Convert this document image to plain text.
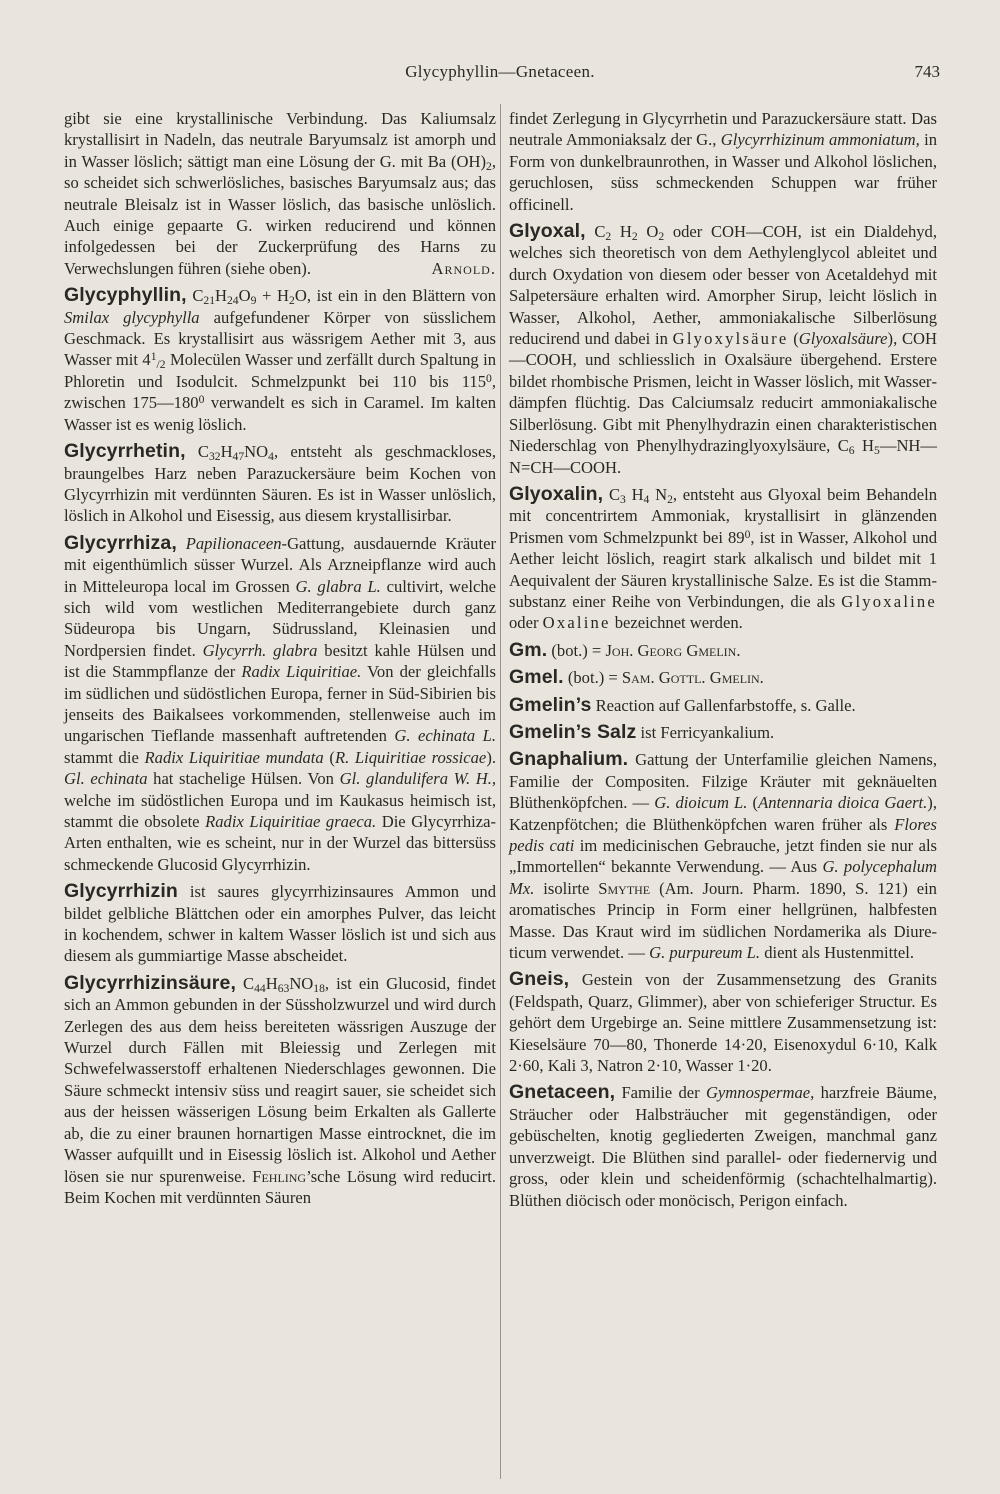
Glycyphyllin—Gnetaceen.	743

gibt sie eine krystallinische Verbindung. Das Kaliumsalz krystallisirt in Nadeln, das neutrale Baryumsalz ist amorph und in Wasser löslich; sättigt man eine Lösung der G. mit Ba $(OH)_2$, so scheidet sich schwerlösliches, basisches Baryumsalz aus; das neutrale Bleisalz ist in Wasser löslich, das basische unlöslich. Auch einige gepaarte G. wirken reducirend und können infolgedessen bei der Zuckerprüfung des Harns zu Verwechslungen führen (siehe oben).	Arnold.

Glycyphyllin, $C_{21}H_{24}O_9 + H_2O$, ist ein in den Blättern von Smilax glycyphylla aufgefundener Körper von süsslichem Geschmack. Es krystallisirt aus wässrigem Aether mit 3, aus Wasser mit $4^1_{/2}$ Molecülen Wasser und zerfällt durch Spaltung in Phloretin und Isodulcit. Schmelzpunkt bei 110 bis $115^0$, zwischen $175—180^0$ verwandelt es sich in Caramel. Im kalten Wasser ist es wenig löslich.

Glycyrrhetin, $C_{32}H_{47}NO_4$, entsteht als geschmackloses, braungelbes Harz neben Parazuckersäure beim Kochen von Glycyrrhizin mit verdünnten Säuren. Es ist in Wasser unlöslich, löslich in Alkohol und Eisessig, aus diesem krystallisirbar.

Glycyrrhiza, Papilionaceen-Gattung, ausdauernde Kräuter mit eigenthümlich süsser Wurzel. Als Arzneipflanze wird auch in Mitteleuropa local im Grossen G. glabra L. cultivirt, welche sich wild vom westlichen Mediterrangebiete durch ganz Südeuropa bis Ungarn, Südrussland, Kleinasien und Nordpersien findet. Glycyrrh. glabra besitzt kahle Hülsen und ist die Stammpflanze der Radix Liquiritiae. Von der gleichfalls im südlichen und südöstlichen Europa, ferner in Süd-Sibirien bis jenseits des Baikalsees vorkommenden, stellenweise auch im ungarischen Tieflande massenhaft auftretenden G. echinata L. stammt die Radix Liquiritiae mundata (R. Liquiritiae rossicae). Gl. echinata hat stachelige Hülsen. Von Gl. glandulifera W. H., welche im südöstlichen Europa und im Kaukasus heimisch ist, stammt die obsolete Radix Liquiritiae graeca. Die Glycyrrhiza-Arten enthalten, wie es scheint, nur in der Wurzel das bittersüss schmeckende Glucosid Glycyrrhizin.

Glycyrrhizin ist saures glycyrrhizinsaures Ammon und bildet gelbliche Blättchen oder ein amorphes Pulver, das leicht in kochendem, schwer in kaltem Wasser löslich ist und sich aus diesem als gummiartige Masse abscheidet.

Glycyrrhizinsäure, $C_{44}H_{63}NO_{18}$, ist ein Glucosid, findet sich an Ammon gebunden in der Süssholzwurzel und wird durch Zerlegen des aus dem heiss bereiteten wässrigen Auszuge der Wurzel durch Fällen mit Bleiessig und Zerlegen mit Schwefelwasserstoff erhaltenen Niederschlages gewonnen. Die Säure schmeckt intensiv süss und reagirt sauer, sie scheidet sich aus der heissen wässerigen Lösung beim Erkalten als Gallerte ab, die zu einer braunen hornartigen Masse eintrocknet, die im Wasser aufquillt und in Eisessig löslich ist. Alkohol und Aether lösen sie nur spurenweise. Fehling’sche Lösung wird reducirt. Beim Kochen mit verdünnten Säuren

findet Zerlegung in Glycyrrhetin und Parazuckersäure statt. Das neutrale Ammoniaksalz der G., Glycyrrhizinum ammoniatum, in Form von dunkelbraunrothen, in Wasser und Alkohol löslichen, geruchlosen, süss schmeckenden Schuppen war früher officinell.

Glyoxal, $C_2$ $H_2$ $O_2$ oder COH—COH, ist ein Dialdehyd, welches sich theoretisch von dem Aethylenglycol ableitet und durch Oxydation von diesem oder besser von Acetaldehyd mit Salpetersäure erhalten wird. Amorpher Sirup, leicht löslich in Wasser, Alkohol, Aether, ammoniakalische Silberlösung reducirend und dabei in Glyoxylsäure (Glyoxalsäure), COH—COOH, und schliesslich in Oxalsäure übergehend. Erstere bildet rhombische Prismen, leicht in Wasser löslich, mit Wasserdämpfen flüchtig. Das Calciumsalz reducirt ammoniakalische Silberlösung. Gibt mit Phenylhydrazin einen charakteristischen Niederschlag von Phenylhydrazinglyoxylsäure, $C_6$ $H_5—NH—N=CH—COOH$.

Glyoxalin, $C_3$ $H_4$ $N_2$, entsteht aus Glyoxal beim Behandeln mit concentrirtem Ammoniak, krystallisirt in glänzenden Prismen vom Schmelzpunkt bei $89^0$, ist in Wasser, Alkohol und Aether leicht löslich, reagirt stark alkalisch und bildet mit 1 Aequivalent der Säuren krystallinische Salze. Es ist die Stammsubstanz einer Reihe von Verbindungen, die als Glyoxaline oder Oxaline bezeichnet werden.

Gm. (bot.) = Joh. Georg Gmelin.

Gmel. (bot.) = Sam. Gottl. Gmelin.

Gmelin’s Reaction auf Gallenfarbstoffe, s. Galle.

Gmelin’s Salz ist Ferricyankalium.

Gnaphalium. Gattung der Unterfamilie gleichen Namens, Familie der Compositen. Filzige Kräuter mit geknäuelten Blüthenköpfchen. — G. dioicum L. (Antennaria dioica Gaert.), Katzenpfötchen; die Blüthenköpfchen waren früher als Flores pedis cati im medicinischen Gebrauche, jetzt finden sie nur als „Immortellen“ bekannte Verwendung. — Aus G. polycephalum Mx. isolirte Smythe (Am. Journ. Pharm. 1890, S. 121) ein aromatisches Princip in Form einer hellgrünen, halbfesten Masse. Das Kraut wird im südlichen Nordamerika als Diureticum verwendet. — G. purpureum L. dient als Hustenmittel.

Gneis, Gestein von der Zusammensetzung des Granits (Feldspath, Quarz, Glimmer), aber von schieferiger Structur. Es gehört dem Urgebirge an. Seine mittlere Zusammensetzung ist: Kieselsäure 70—80, Thonerde 14·20, Eisenoxydul 6·10, Kalk 2·60, Kali 3, Natron 2·10, Wasser 1·20.

Gnetaceen, Familie der Gymnospermae, harzfreie Bäume, Sträucher oder Halbsträucher mit gegenständigen, oder gebüschelten, knotig gegliederten Zweigen, manchmal ganz unverzweigt. Die Blüthen sind parallel- oder fiedernervig und gross, oder klein und scheidenförmig (schachtelhalmartig). Blüthen diöcisch oder monöcisch, Perigon einfach.
